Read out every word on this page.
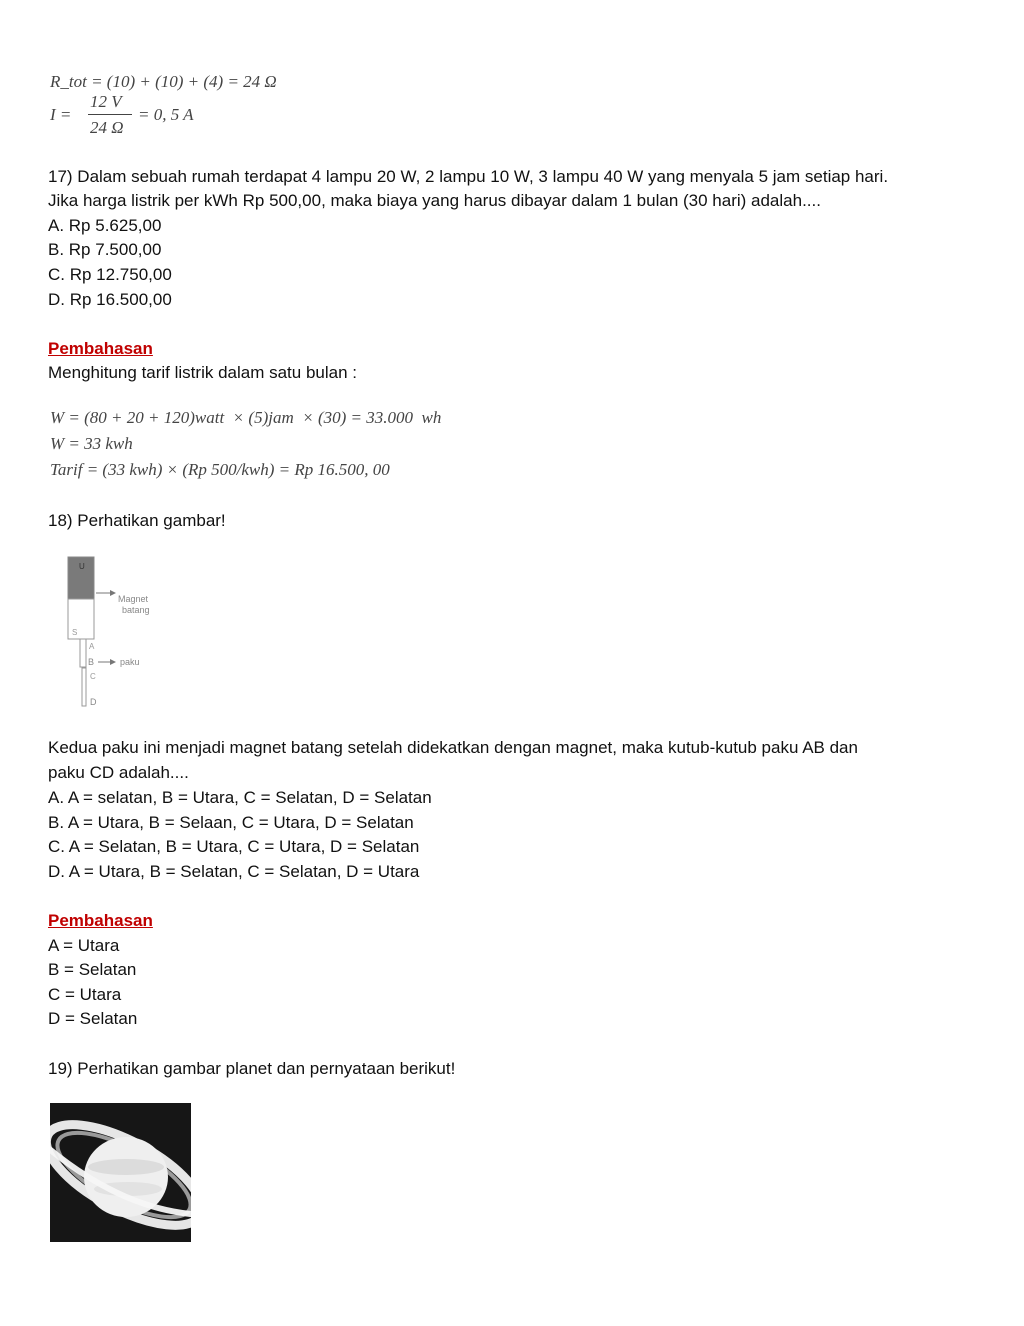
R_tot = (10) + (10) + (4) = 24 Ω
I =
12 V
24 Ω
= 0, 5 A
17) Dalam sebuah rumah terdapat 4 lampu 20 W, 2 lampu 10 W, 3 lampu 40 W yang menyala 5 jam setiap hari.
Jika harga listrik per kWh Rp 500,00, maka biaya yang harus dibayar dalam 1 bulan (30 hari) adalah....
A. Rp 5.625,00
B. Rp 7.500,00
C. Rp 12.750,00
D. Rp 16.500,00
Pembahasan
Menghitung tarif listrik dalam satu bulan :
W = (80 + 20 + 120)watt  × (5)jam  × (30) = 33.000  wh
W = 33 kwh
Tarif = (33 kwh) × (Rp 500/kwh) = Rp 16.500, 00
18) Perhatikan gambar!
U
S
Magnet
batang
A
B	paku
C
D
Kedua paku ini menjadi magnet batang setelah didekatkan dengan magnet, maka kutub-kutub paku AB dan
paku CD adalah....
A. A = selatan, B = Utara, C = Selatan, D = Selatan
B. A = Utara, B = Selaan, C = Utara, D = Selatan
C. A = Selatan, B = Utara, C = Utara, D = Selatan
D. A = Utara, B = Selatan, C = Selatan, D = Utara
Pembahasan
A = Utara
B = Selatan
C = Utara
D = Selatan
19) Perhatikan gambar planet dan pernyataan berikut!
